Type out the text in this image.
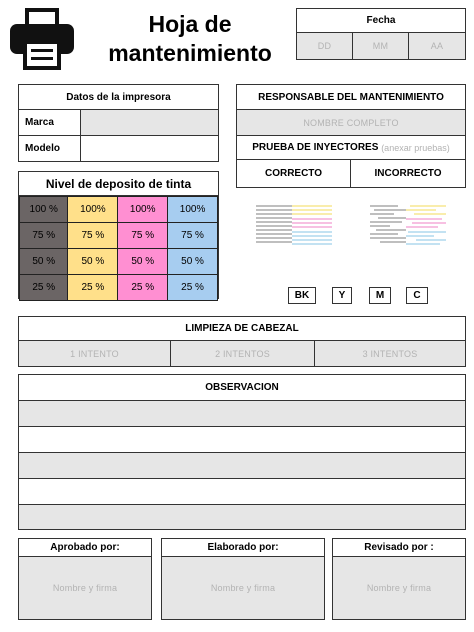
Hoja de
mantenimiento
Fecha
DD	MM	AA
Datos de la impresora
Marca
Modelo
RESPONSABLE DEL MANTENIMIENTO
NOMBRE COMPLETO
PRUEBA DE INYECTORES
(anexar pruebas)
CORRECTO	INCORRECTO
Nivel de deposito de tinta
100 %	100%	100%	100%
75 %	75 %	75 %	75 %
50 %	50 %	50 %	50 %
25 %	25 %	25 %	25 %
BK	Y	M	C
LIMPIEZA DE CABEZAL
1 INTENTO	2 INTENTOS	3 INTENTOS
OBSERVACION
Aprobado por:
Nombre y firma
Elaborado por:
Nombre y firma
Revisado por :
Nombre y firma
